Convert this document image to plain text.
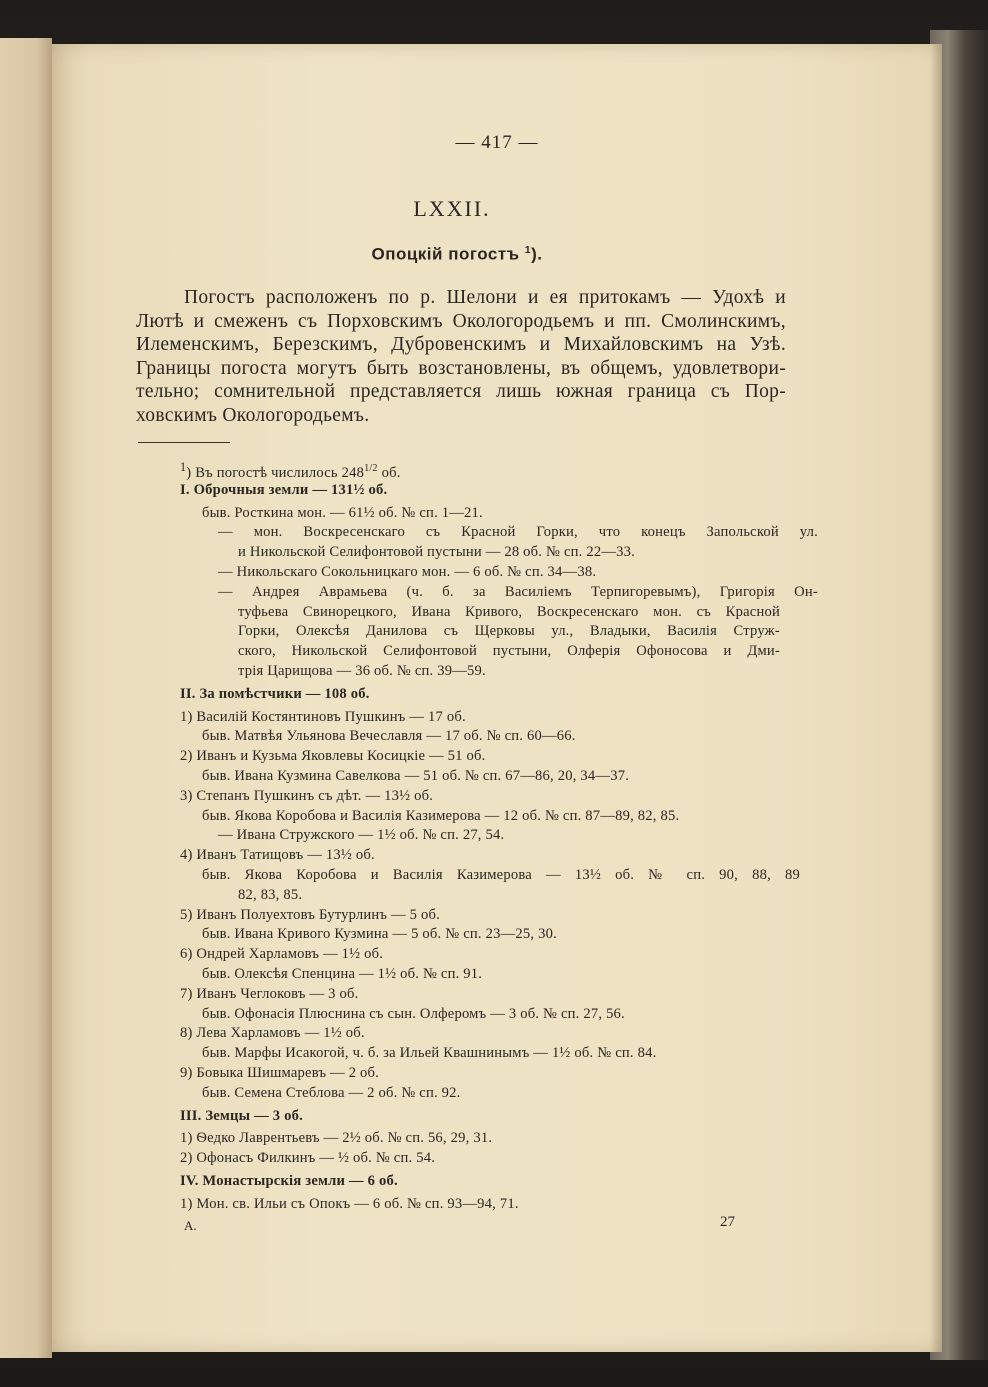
— 417 —
LXXII.
Опоцкій погостъ $^1$).
Погостъ расположенъ по р. Шелони и ея притокамъ — Удохѣ и
Лютѣ и смеженъ съ Порховскимъ Окологородьемъ и пп. Смолинскимъ,
Илеменскимъ, Березскимъ, Дубровенскимъ и Михайловскимъ на Узѣ.
Границы погоста могутъ быть возстановлены, въ общемъ, удовлетвори-
тельно; сомнительной представляется лишь южная граница съ Пор-
ховскимъ Окологородьемъ.
$^1$) Въ погостѣ числилось $248^{1/2}$ об.
I. Оброчныя земли — 131½ об.
быв. Росткина мон. — 61½ об. № сп. 1—21.
— мон. Воскресенскаго съ Красной Горки, что конецъ Запольской ул.
и Никольской Селифонтовой пустыни — 28 об. № сп. 22—33.
— Никольскаго Сокольницкаго мон. — 6 об. № сп. 34—38.
— Андрея Аврамьева (ч. б. за Василіемъ Терпигоревымъ), Григорія Он-
туфьева Свинорецкого, Ивана Кривого, Воскресенскаго мон. съ Красной
Горки, Олексѣя Данилова съ Щерковы ул., Владыки, Василія Струж-
ского, Никольской Селифонтовой пустыни, Олферія Офоносова и Дми-
трія Царищова — 36 об. № сп. 39—59.
II. За помѣстчики — 108 об.
1) Василій Костянтиновъ Пушкинъ — 17 об.
быв. Матвѣя Ульянова Вечеславля — 17 об. № сп. 60—66.
2) Иванъ и Кузьма Яковлевы Косицкіе — 51 об.
быв. Ивана Кузмина Савелкова — 51 об. № сп. 67—86, 20, 34—37.
3) Степанъ Пушкинъ съ дѣт. — 13½ об.
быв. Якова Коробова и Василія Казимерова — 12 об. № сп. 87—89, 82, 85.
— Ивана Стружского — 1½ об. № сп. 27, 54.
4) Иванъ Татищовъ — 13½ об.
быв. Якова Коробова и Василія Казимерова — 13½ об. № сп. 90, 88, 89
82, 83, 85.
5) Иванъ Полуехтовъ Бутурлинъ — 5 об.
быв. Ивана Кривого Кузмина — 5 об. № сп. 23—25, 30.
6) Ондрей Харламовъ — 1½ об.
быв. Олексѣя Спенцина — 1½ об. № сп. 91.
7) Иванъ Чеглоковъ — 3 об.
быв. Офонасія Плюснина съ сын. Олферомъ — 3 об. № сп. 27, 56.
8) Лева Харламовъ — 1½ об.
быв. Марфы Исакогой, ч. б. за Ильей Квашнинымъ — 1½ об. № сп. 84.
9) Бовыка Шишмаревъ — 2 об.
быв. Семена Стеблова — 2 об. № сп. 92.
III. Земцы — 3 об.
1) Ѳедко Лаврентьевъ — 2½ об. № сп. 56, 29, 31.
2) Офонасъ Филкинъ — ½ об. № сп. 54.
IV. Монастырскія земли — 6 об.
1) Мон. св. Ильи съ Опокъ — 6 об. № сп. 93—94, 71.
А.	27
